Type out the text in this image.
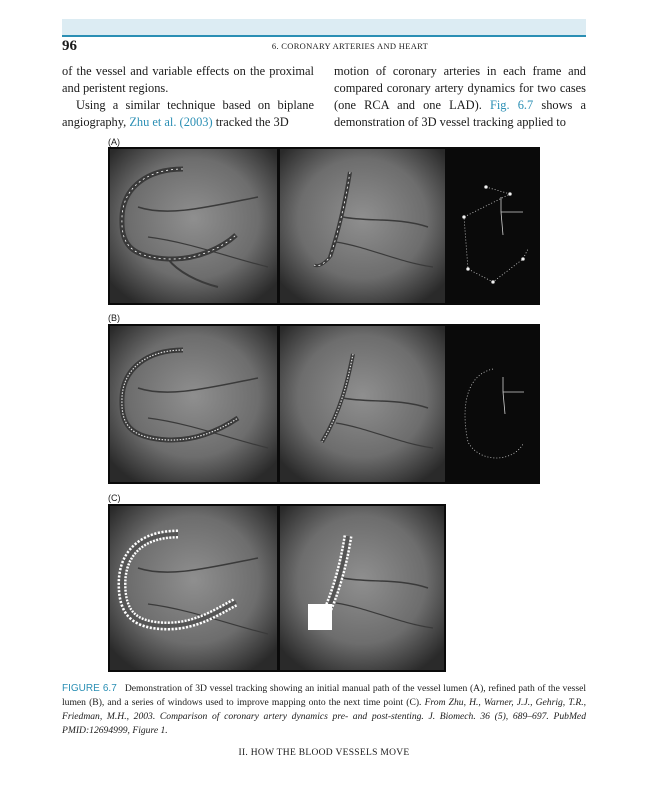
96	6. CORONARY ARTERIES AND HEART

of the vessel and variable effects on the proximal and peristent regions.

Using a similar technique based on biplane angiography, Zhu et al. (2003) tracked the 3D

motion of coronary arteries in each frame and compared coronary artery dynamics for two cases (one RCA and one LAD). Fig. 6.7 shows a demonstration of 3D vessel tracking applied to

(A)
(B)
(C)
FIGURE 6.7 Demonstration of 3D vessel tracking showing an initial manual path of the vessel lumen (A), refined path of the vessel lumen (B), and a series of windows used to improve mapping onto the next time point (C). From Zhu, H., Warner, J.J., Gehrig, T.R., Friedman, M.H., 2003. Comparison of coronary artery dynamics pre- and post-stenting. J. Biomech. 36 (5), 689–697. PubMed PMID:12694999, Figure 1.
II. HOW THE BLOOD VESSELS MOVE
